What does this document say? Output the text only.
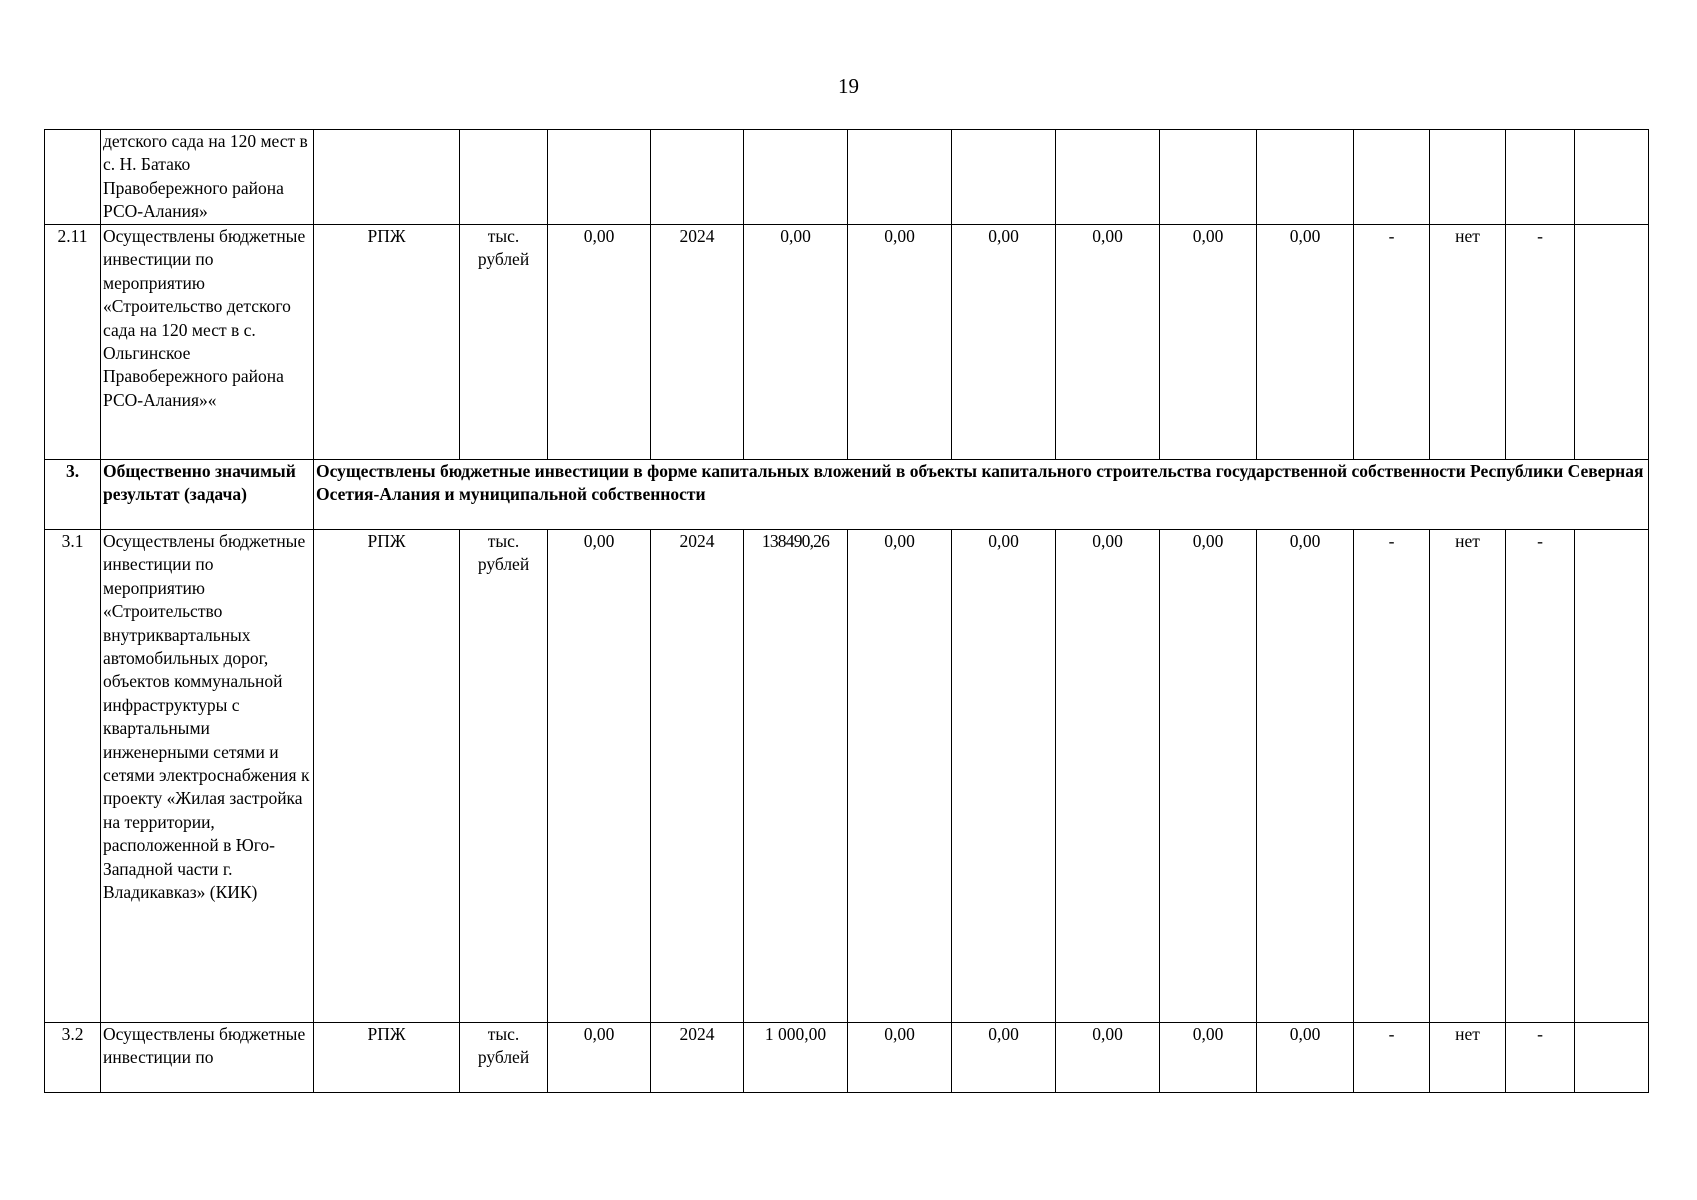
19
	детского сада на 120 мест в с. Н. Батако Правобережного района РСО-Алания»														
2.11	Осуществлены бюджетные инвестиции по мероприятию «Строительство детского сада на 120 мест в с. Ольгинское Правобережного района РСО-Алания»«	РПЖ	тыс. рублей	0,00	2024	0,00	0,00	0,00	0,00	0,00	0,00	-	нет	-	
3.	Общественно значимый результат (задача)	Осуществлены бюджетные инвестиции в форме капитальных вложений в объекты капитального строительства государственной собственности Республики Северная Осетия-Алания и муниципальной собственности													
3.1	Осуществлены бюджетные инвестиции по мероприятию «Строительство внутриквартальных автомобильных дорог, объектов коммунальной инфраструктуры с квартальными инженерными сетями и сетями электроснабжения к проекту «Жилая застройка на территории, расположенной в Юго-Западной части г. Владикавказ» (КИК)	РПЖ	тыс. рублей	0,00	2024	138490,26	0,00	0,00	0,00	0,00	0,00	-	нет	-	
3.2	Осуществлены бюджетные инвестиции по	РПЖ	тыс. рублей	0,00	2024	1 000,00	0,00	0,00	0,00	0,00	0,00	-	нет	-	
